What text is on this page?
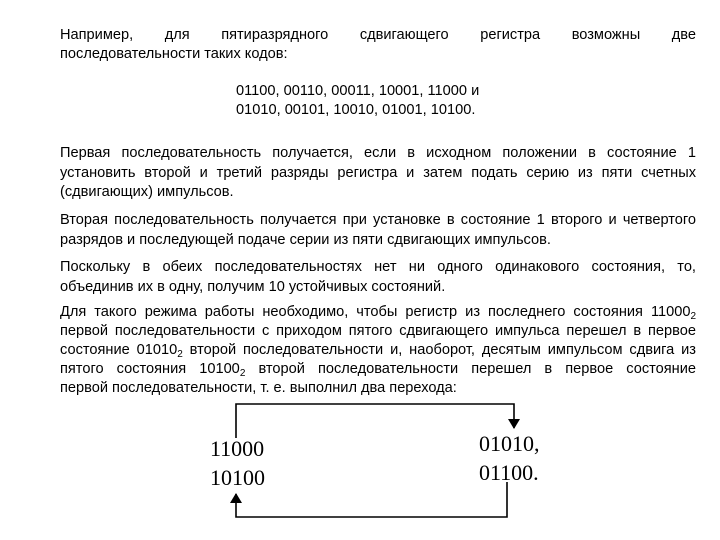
Например, для пятиразрядного сдвигающего регистра возможны две
последовательности таких кодов:
01100, 00110, 00011, 10001, 11000 и
01010, 00101, 10010, 01001, 10100.

Первая последовательность получается, если в исходном положении в состояние 1 установить второй и третий разряды регистра и затем подать серию из пяти счетных (сдвигающих) импульсов.

Вторая последовательность получается при установке в состояние 1 второго и четвертого разрядов и последующей подаче серии из пяти сдвигающих импульсов.

Поскольку в обеих последовательностях нет ни одного одинакового состояния, то, объединив их в одну, получим 10 устойчивых состояний.

Для такого режима работы необходимо, чтобы регистр из последнего состояния $11000_2$
первой последовательности с приходом пятого сдвигающего импульса перешел в первое
состояние $01010_2$ второй последовательности и, наоборот, десятым импульсом сдвига из
пятого состояния $10100_2$ второй последовательности перешел в первое состояние
первой последовательности, т. е. выполнил два перехода:
11000
10100
01010,
01100.
